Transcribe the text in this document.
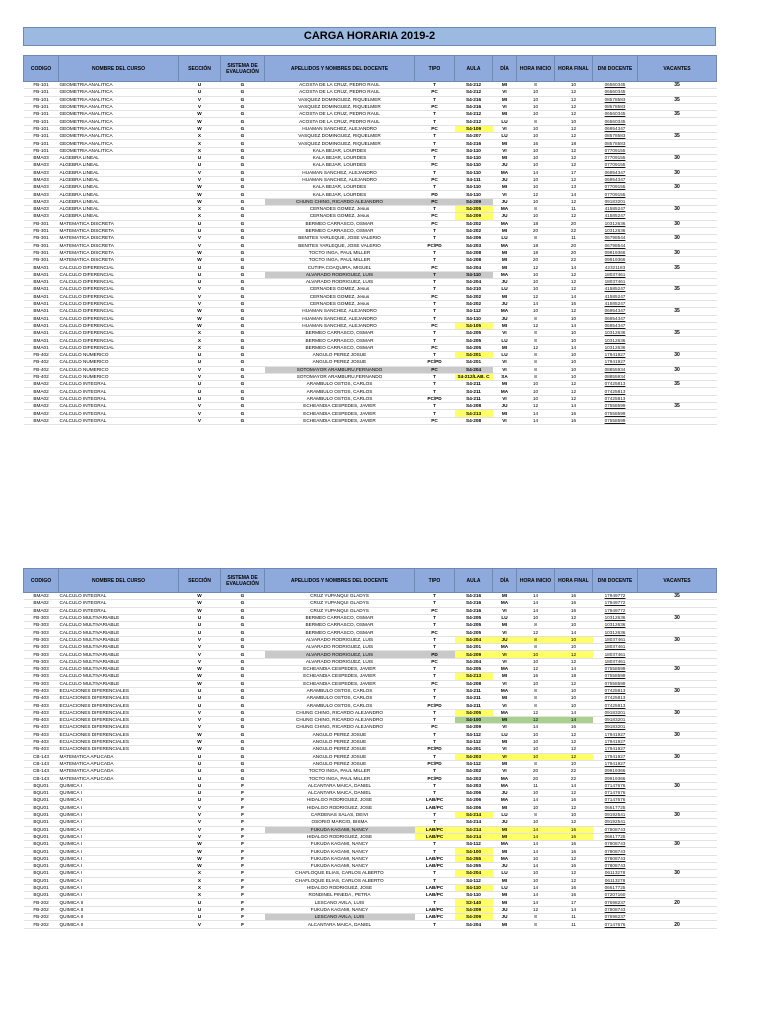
CARGA HORARIA 2019-2
CODIGO	NOMBRE DEL CURSO	SECCIÓN	SISTEMA DE EVALUACIÓN	APELLIDOS Y NOMBRES DEL DOCENTE	TIPO	AULA	DÍA	HORA INICIO	HORA FINAL	DNI DOCENTE	VACANTES
FB-101	GEOMETRIA ANALITICA	U	G	ACOSTA DE LA CRUZ, PEDRO RAUL	T	S4-212	MI	8	10	06560345	35
FB-101	GEOMETRIA ANALITICA	U	G	ACOSTA DE LA CRUZ, PEDRO RAUL	PC	S4-212	VI	10	12	06560345	
FB-101	GEOMETRIA ANALITICA	V	G	VASQUEZ DOMINGUEZ, RIQUELMER	T	S4-216	MI	10	12	08578583	35
FB-101	GEOMETRIA ANALITICA	V	G	VASQUEZ DOMINGUEZ, RIQUELMER	PC	S4-216	VI	10	12	08578583	
FB-101	GEOMETRIA ANALITICA	W	G	ACOSTA DE LA CRUZ, PEDRO RAUL	T	S4-212	MI	10	12	06560345	35
FB-101	GEOMETRIA ANALITICA	W	G	ACOSTA DE LA CRUZ, PEDRO RAUL	T	S4-212	LU	8	10	06560345	
FB-101	GEOMETRIA ANALITICA	W	G	HUAMAN SANCHEZ, ALEJANDRO	PC	S4-109	VI	10	12	06954347	
FB-101	GEOMETRIA ANALITICA	X	G	VASQUEZ DOMINGUEZ, RIQUELMER	T	S4-207	LU	10	12	08578583	35
FB-101	GEOMETRIA ANALITICA	X	G	VASQUEZ DOMINGUEZ, RIQUELMER	T	S4-216	MI	16	18	08578583	
FB-101	GEOMETRIA ANALITICA	X	G	KALA BEJAR, LOURDES	PC	S4-110	VI	10	12	07709155	
BMA03	ALGEBRA LINEAL	U	G	KALA BEJAR, LOURDES	T	S4-110	MI	10	12	07709155	30
BMA03	ALGEBRA LINEAL	U	G	KALA BEJAR, LOURDES	PC	S4-110	JU	10	12	07709155	
BMA03	ALGEBRA LINEAL	V	G	HUAMAN SANCHEZ, ALEJANDRO	T	S4-110	MA	14	17	06954347	30
BMA03	ALGEBRA LINEAL	V	G	HUAMAN SANCHEZ, ALEJANDRO	PC	S4-111	JU	10	12	06954347	
BMA03	ALGEBRA LINEAL	W	G	KALA BEJAR, LOURDES	T	S4-110	MI	10	13	07709155	30
BMA03	ALGEBRA LINEAL	W	G	KALA BEJAR, LOURDES	PD	S4-110	VI	12	14	07709155	
BMA03	ALGEBRA LINEAL	W	G	CHUNG CHING, RICARDO ALEJANDRO	PC	S4-209	JU	10	12	09183201	
BMA03	ALGEBRA LINEAL	X	G	CERNADES GOMEZ, Jesus	T	S4-205	MA	8	11	41585247	30
BMA03	ALGEBRA LINEAL	X	G	CERNADES GOMEZ, Jesus	PC	S4-209	JU	10	12	41585247	
FB-301	MATEMATICA DISCRETA	U	G	BERMEO CARRASCO, OSMAR	PC	S4-202	MA	18	20	10312636	30
FB-301	MATEMATICA DISCRETA	U	G	BERMEO CARRASCO, OSMAR	T	S4-202	MI	20	22	10312636	
FB-301	MATEMATICA DISCRETA	V	G	BENITES YARLEQUE, JOSE VALERIO	T	S4-206	LU	8	11	06798544	30
FB-301	MATEMATICA DISCRETA	V	G	BENITES YARLEQUE, JOSE VALERIO	PC/PD	S4-203	MA	18	20	06798544	
FB-301	MATEMATICA DISCRETA	W	G	TOCTO INGA, PAUL MILLER	T	S4-208	MI	18	20	09919366	30
FB-301	MATEMATICA DISCRETA	W	G	TOCTO INGA, PAUL MILLER	T	S4-208	MI	20	22	09919366	
BMA01	CALCULO DIFERENCIAL	U	G	CUTIPA COAQUIRA, MIGUEL	PC	S4-204	MI	12	14	42321183	35
BMA01	CALCULO DIFERENCIAL	U	G	ALVARADO RODRIGUEZ, LUIS	T	S4-110	MA	10	12	18037461	
BMA01	CALCULO DIFERENCIAL	U	G	ALVARADO RODRIGUEZ, LUIS	T	S4-204	JU	10	12	18037461	
BMA01	CALCULO DIFERENCIAL	V	G	CERNADES GOMEZ, Jesus	T	S4-210	LU	10	12	41585247	35
BMA01	CALCULO DIFERENCIAL	V	G	CERNADES GOMEZ, Jesus	PC	S4-202	MI	12	14	41585247	
BMA01	CALCULO DIFERENCIAL	V	G	CERNADES GOMEZ, Jesus	T	S4-202	JU	14	16	41585247	
BMA01	CALCULO DIFERENCIAL	W	G	HUAMAN SANCHEZ, ALEJANDRO	T	S4-112	MA	10	12	06954347	35
BMA01	CALCULO DIFERENCIAL	W	G	HUAMAN SANCHEZ, ALEJANDRO	T	S4-110	JU	8	10	06954347	
BMA01	CALCULO DIFERENCIAL	W	G	HUAMAN SANCHEZ, ALEJANDRO	PC	S4-105	MI	12	14	06954347	
BMA01	CALCULO DIFERENCIAL	X	G	BERMEO CARRASCO, OSMAR	T	S4-205	VI	8	10	10312636	35
BMA01	CALCULO DIFERENCIAL	X	G	BERMEO CARRASCO, OSMAR	T	S4-205	LU	8	10	10312636	
BMA01	CALCULO DIFERENCIAL	X	G	BERMEO CARRASCO, OSMAR	PC	S4-205	MI	12	14	10312636	
FB-402	CALCULO NUMERICO	U	G	ANGULO PEREZ JOSUE	T	S4-201	LU	8	10	17941927	30
FB-402	CALCULO NUMERICO	U	G	ANGULO PEREZ JOSUE	PC/PD	S4-201	VI	8	10	17941927	
FB-402	CALCULO NUMERICO	V	G	SOTOMAYOR ARAMBURU,FERNANDO	PC	S4-204	VI	8	10	08855934	30
FB-402	CALCULO NUMERICO	V	G	SOTOMAYOR ARAMBURU,FERNANDO	T	S4-212/LAB. C	SA	8	10	08855934	
BMA02	CALCULO INTEGRAL	U	G	ARAMBULO OSTOS, CARLOS	T	S4-211	MI	10	12	07425813	35
BMA02	CALCULO INTEGRAL	U	G	ARAMBULO OSTOS, CARLOS	T	S4-211	MA	10	12	07425813	
BMA02	CALCULO INTEGRAL	U	G	ARAMBULO OSTOS, CARLOS	PC/PD	S4-211	VI	10	12	07425813	
BMA02	CALCULO INTEGRAL	V	G	ECHEANDIA CESPEDES, JAVIER	T	S4-208	JU	12	14	07558599	35
BMA02	CALCULO INTEGRAL	V	G	ECHEANDIA CESPEDES, JAVIER	T	S4-213	MI	14	16	07558599	
BMA02	CALCULO INTEGRAL	V	G	ECHEANDIA CESPEDES, JAVIER	PC	S4-208	VI	14	16	07558599	
CODIGO	NOMBRE DEL CURSO	SECCIÓN	SISTEMA DE EVALUACIÓN	APELLIDOS Y NOMBRES DEL DOCENTE	TIPO	AULA	DÍA	HORA INICIO	HORA FINAL	DNI DOCENTE	VACANTES
BMA02	CALCULO INTEGRAL	W	G	CRUZ YUPANQUI GLADYS	T	S4-216	MI	14	16	17949772	35
BMA02	CALCULO INTEGRAL	W	G	CRUZ YUPANQUI GLADYS	T	S4-216	MA	14	16	17949772	
BMA02	CALCULO INTEGRAL	W	G	CRUZ YUPANQUI GLADYS	PC	S4-216	VI	14	16	17949772	
FB-303	CALCULO MULTIVARIABLE	U	G	BERMEO CARRASCO, OSMAR	T	S4-205	LU	10	12	10312636	30
FB-303	CALCULO MULTIVARIABLE	U	G	BERMEO CARRASCO, OSMAR	T	S4-205	MI	8	10	10312636	
FB-303	CALCULO MULTIVARIABLE	U	G	BERMEO CARRASCO, OSMAR	PC	S4-205	VI	12	14	10312636	
FB-303	CALCULO MULTIVARIABLE	V	G	ALVARADO RODRIGUEZ, LUIS	T	S4-204	JU	8	10	18037461	30
FB-303	CALCULO MULTIVARIABLE	V	G	ALVARADO RODRIGUEZ, LUIS	T	S4-201	MA	8	10	18037461	
FB-303	CALCULO MULTIVARIABLE	V	G	ALVARADO RODRIGUEZ, LUIS	PD	S4-209	VI	10	12	18037461	
FB-303	CALCULO MULTIVARIABLE	V	G	ALVARADO RODRIGUEZ, LUIS	PC	S4-204	VI	10	12	18037461	
FB-303	CALCULO MULTIVARIABLE	W	G	ECHEANDIA CESPEDES, JAVIER	T	S4-205	MA	12	14	07558599	30
FB-303	CALCULO MULTIVARIABLE	W	G	ECHEANDIA CESPEDES, JAVIER	T	S4-213	MI	16	18	07558599	
FB-303	CALCULO MULTIVARIABLE	W	G	ECHEANDIA CESPEDES, JAVIER	PC	S4-208	VI	10	12	07558599	
FB-403	ECUACIONES DIFERENCIALES	U	G	ARAMBULO OSTOS, CARLOS	T	S4-211	MA	8	10	07425813	30
FB-403	ECUACIONES DIFERENCIALES	U	G	ARAMBULO OSTOS, CARLOS	T	S4-211	MI	8	10	07425813	
FB-403	ECUACIONES DIFERENCIALES	U	G	ARAMBULO OSTOS, CARLOS	PC/PD	S4-211	VI	8	10	07425813	
FB-403	ECUACIONES DIFERENCIALES	V	G	CHUNG CHING, RICARDO ALEJANDRO	T	S4-205	MA	12	14	09183201	30
FB-403	ECUACIONES DIFERENCIALES	V	G	CHUNG CHING, RICARDO ALEJANDRO	T	S4-100	MI	12	14	09183201	
FB-403	ECUACIONES DIFERENCIALES	V	G	CHUNG CHING, RICARDO ALEJANDRO	PC	S4-209	VI	14	16	09183201	
FB-403	ECUACIONES DIFERENCIALES	W	G	ANGULO PEREZ JOSUE	T	S4-112	LU	10	12	17941927	30
FB-403	ECUACIONES DIFERENCIALES	W	G	ANGULO PEREZ JOSUE	T	S4-112	MI	10	12	17941927	
FB-403	ECUACIONES DIFERENCIALES	W	G	ANGULO PEREZ JOSUE	PC/PD	S4-201	VI	10	12	17941927	
CB-143	MATEMATICA APLICADA	U	G	ANGULO PEREZ JOSUE	T	S4-203	VI	10	12	17941927	30
CB-143	MATEMATICA APLICADA	U	G	ANGULO PEREZ JOSUE	PC/PD	S4-112	MI	8	10	17941927	
CB-143	MATEMATICA APLICADA	U	G	TOCTO INGA, PAUL MILLER	T	S4-202	VI	20	22	09919366	
CB-143	MATEMATICA APLICADA	U	G	TOCTO INGA, PAUL MILLER	PC/PD	S4-203	MA	20	22	09919366	
BQU01	QUIMICA I	U	F	ALCANTARA MAICA, DANIEL	T	S4-203	MA	11	14	07147676	30
BQU01	QUIMICA I	U	F	ALCANTARA MAICA, DANIEL	T	S4-206	JU	10	12	07147676	
BQU01	QUIMICA I	U	F	HIDALGO RODRIGUEZ, JOSE	LAB/PC	S4-206	MA	14	16	07147676	
BQU01	QUIMICA I	V	F	HIDALGO RODRIGUEZ, JOSE	LAB/PC	S4-206	MI	10	12	06617725	
BQU01	QUIMICA I	V	F	CARDENAS SALAS, DEIVI	T	S4-214	LU	8	10	09192541	30
BQU01	QUIMICA I	V	F	OSORIO MARCIO, BISMA	T	S4-214	JU	10	12	09192541	
BQU01	QUIMICA I	V	F	FUKUDA KAGAMI, NANCY	LAB/PC	S4-214	MI	14	16	07808743	
BQU01	QUIMICA I	V	F	HIDALGO RODRIGUEZ, JOSE	LAB/PC	S4-214	MI	14	16	06617725	
BQU01	QUIMICA I	W	F	FUKUDA KAGAMI, NANCY	T	S4-112	MA	14	16	07808743	30
BQU01	QUIMICA I	W	F	FUKUDA KAGAMI, NANCY	T	S4-100	MI	14	16	07808743	
BQU01	QUIMICA I	W	F	FUKUDA KAGAMI, NANCY	LAB/PC	S4-255	MA	10	12	07808743	
BQU01	QUIMICA I	W	F	FUKUDA KAGAMI, NANCY	LAB/PC	S4-255	JU	14	16	07808743	
BQU01	QUIMICA I	X	F	CHAFLOQUE ELIAS, CARLOS ALBERTO	T	S4-204	LU	10	12	06113278	30
BQU01	QUIMICA I	X	F	CHAFLOQUE ELIAS, CARLOS ALBERTO	T	S4-112	MI	10	12	06113278	
BQU01	QUIMICA I	X	F	HIDALGO RODRIGUEZ, JOSE	LAB/PC	S4-110	LU	14	16	06617725	
BQU01	QUIMICA I	X	F	RONDINEL PINEDA , PETRA	LAB/PC	S4-110	MI	14	16	07207160	
FB-202	QUIMICA II	U	F	LESCANO AVILA, LUIS	T	S2-140	MI	14	17	07698237	20
FB-202	QUIMICA II	U	F	FUKUDA KAGAMI, NANCY	LAB/PC	S4-209	JU	12	14	07808743	
FB-202	QUIMICA II	U	F	LESCANO AVILA, LUIS	LAB/PC	S4-209	JU	8	11	07698237	
FB-202	QUIMICA II	V	F	ALCANTARA MAICA, DANIEL	T	S4-204	MI	8	11	07147676	20
